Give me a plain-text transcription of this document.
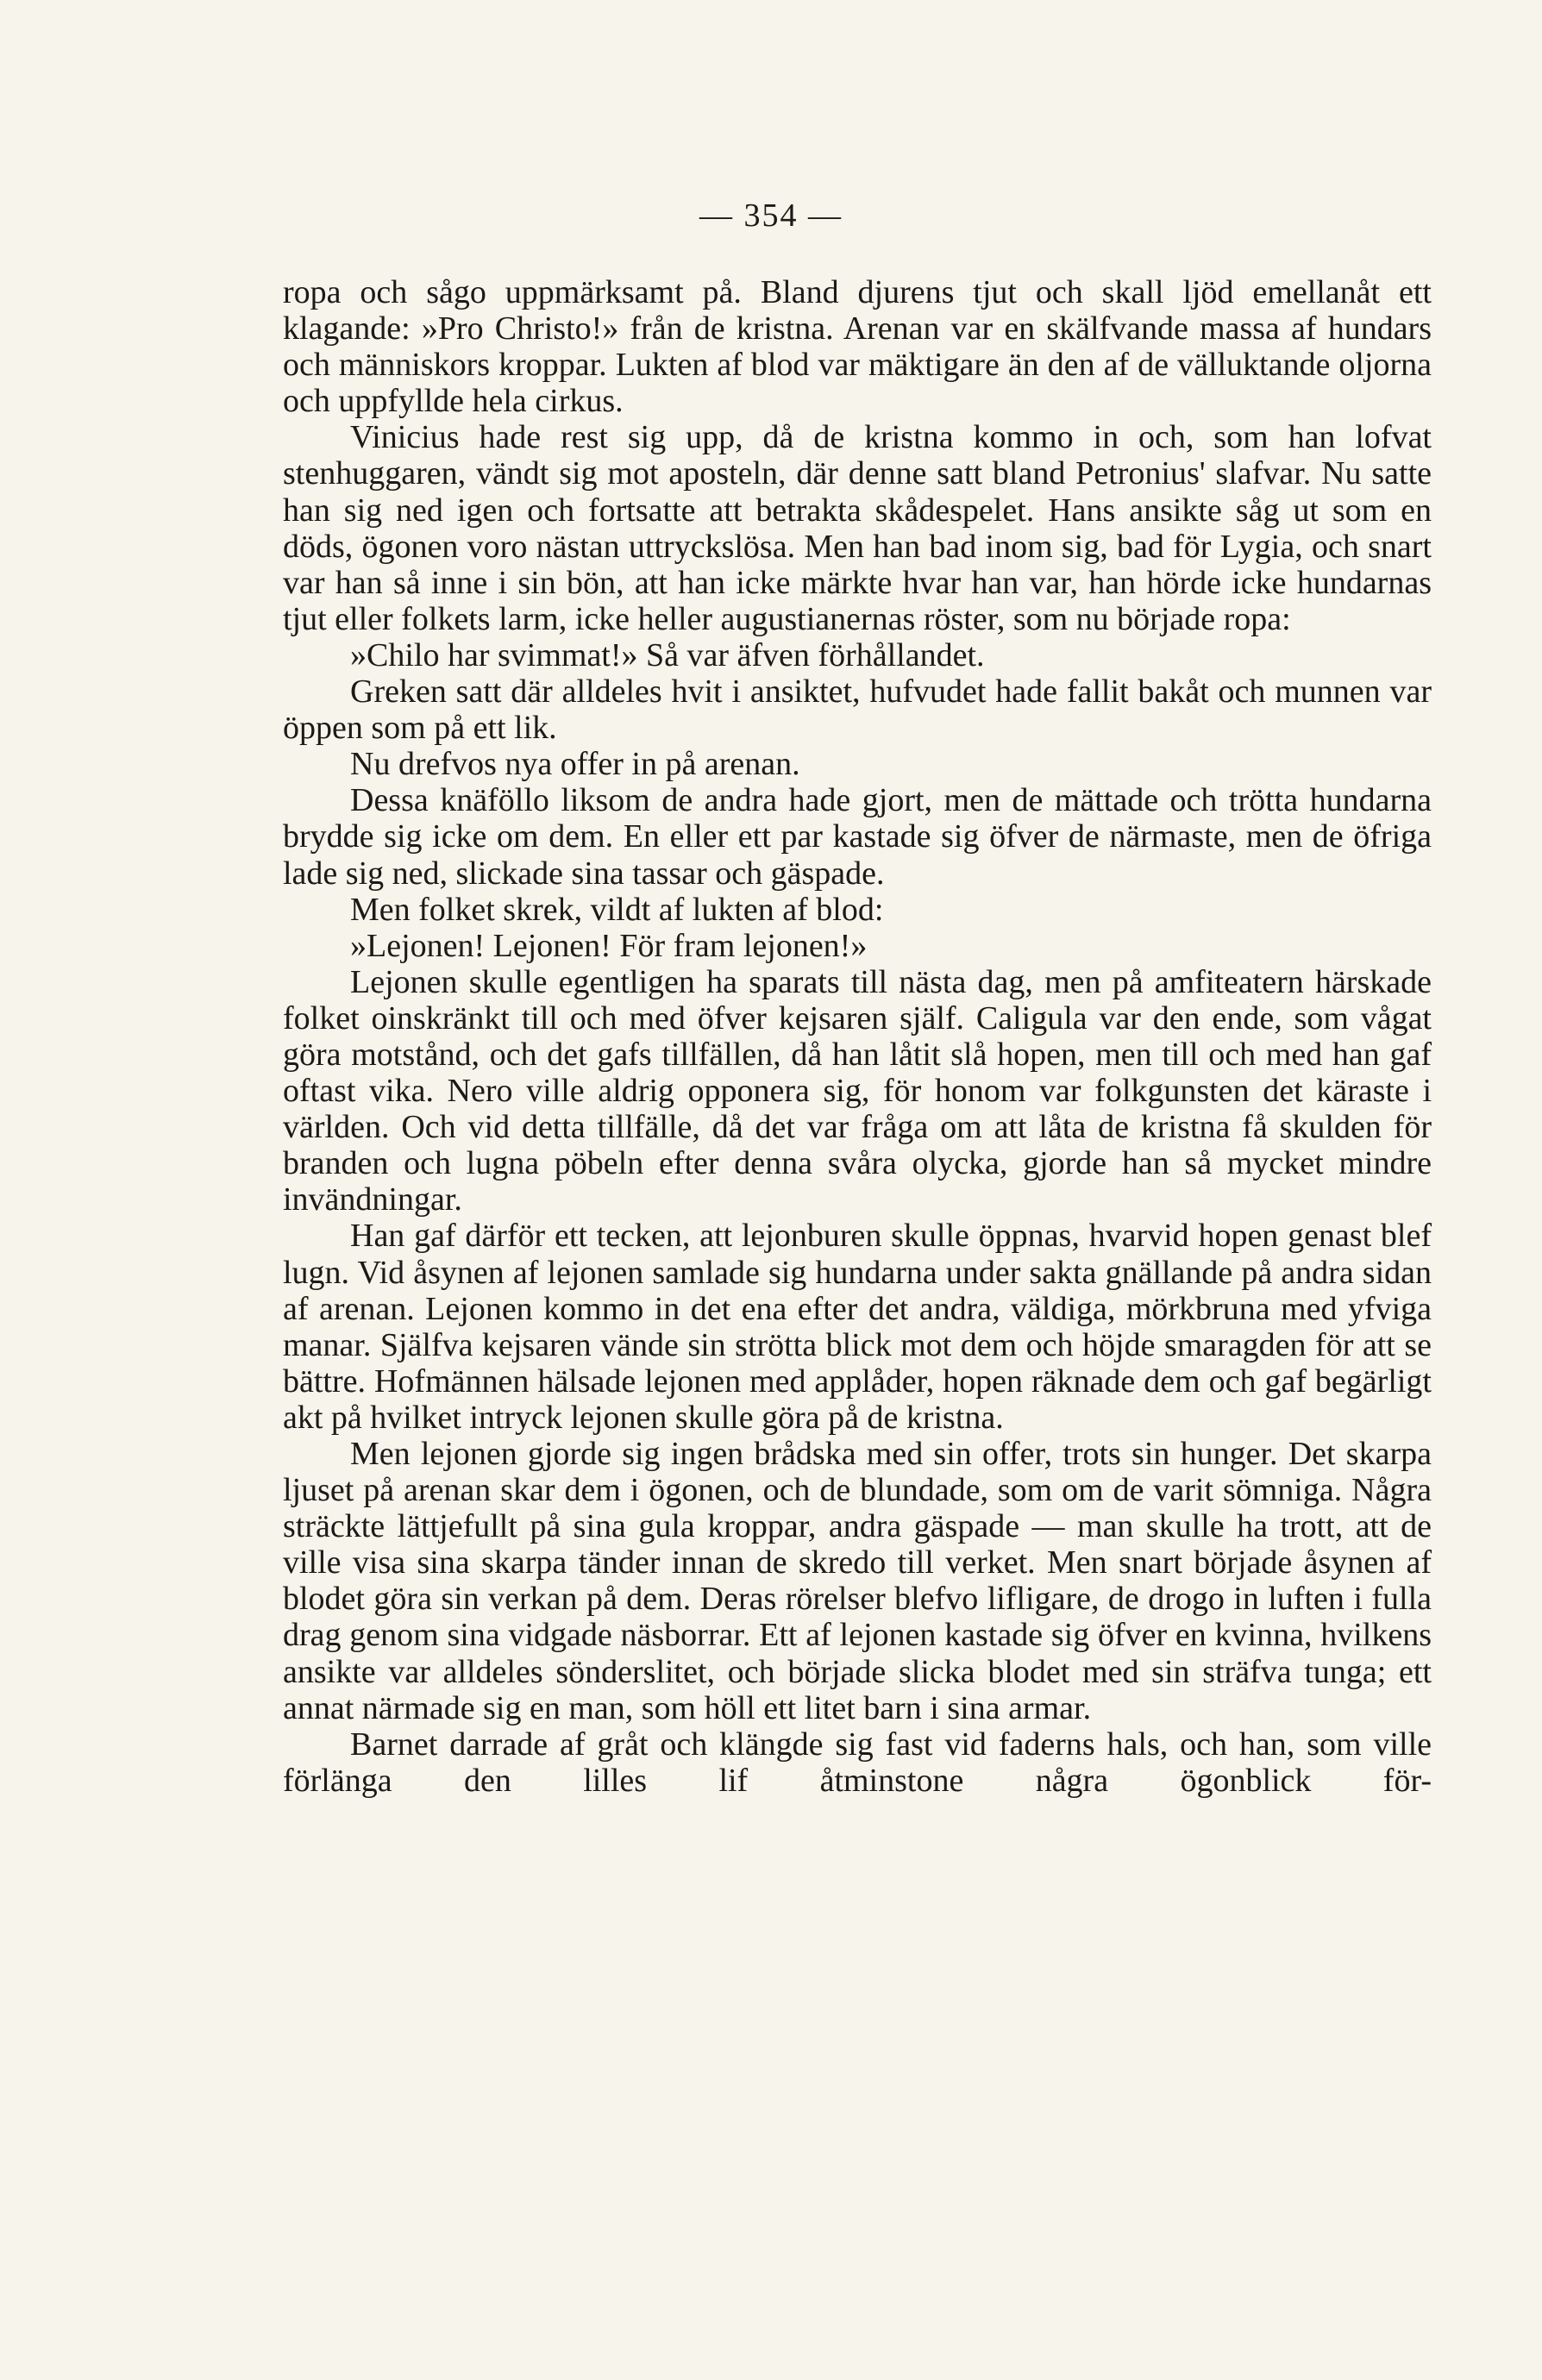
— 354 —

ropa och sågo uppmärksamt på. Bland djurens tjut och skall ljöd emellanåt ett klagande: »Pro Christo!» från de kristna. Arenan var en skälfvande massa af hundars och människors kroppar. Lukten af blod var mäktigare än den af de välluktande oljorna och uppfyllde hela cirkus.

Vinicius hade rest sig upp, då de kristna kommo in och, som han lofvat stenhuggaren, vändt sig mot aposteln, där denne satt bland Petronius' slafvar. Nu satte han sig ned igen och fortsatte att betrakta skådespelet. Hans ansikte såg ut som en döds, ögonen voro nästan uttryckslösa. Men han bad inom sig, bad för Lygia, och snart var han så inne i sin bön, att han icke märkte hvar han var, han hörde icke hundarnas tjut eller folkets larm, icke heller augustianernas röster, som nu började ropa:

»Chilo har svimmat!» Så var äfven förhållandet.

Greken satt där alldeles hvit i ansiktet, hufvudet hade fallit bakåt och munnen var öppen som på ett lik.

Nu drefvos nya offer in på arenan.

Dessa knäföllo liksom de andra hade gjort, men de mättade och trötta hundarna brydde sig icke om dem. En eller ett par kastade sig öfver de närmaste, men de öfriga lade sig ned, slickade sina tassar och gäspade.

Men folket skrek, vildt af lukten af blod:

»Lejonen! Lejonen! För fram lejonen!»

Lejonen skulle egentligen ha sparats till nästa dag, men på amfiteatern härskade folket oinskränkt till och med öfver kejsaren själf. Caligula var den ende, som vågat göra motstånd, och det gafs tillfällen, då han låtit slå hopen, men till och med han gaf oftast vika. Nero ville aldrig opponera sig, för honom var folkgunsten det käraste i världen. Och vid detta tillfälle, då det var fråga om att låta de kristna få skulden för branden och lugna pöbeln efter denna svåra olycka, gjorde han så mycket mindre invändningar.

Han gaf därför ett tecken, att lejonburen skulle öppnas, hvarvid hopen genast blef lugn. Vid åsynen af lejonen samlade sig hundarna under sakta gnällande på andra sidan af arenan. Lejonen kommo in det ena efter det andra, väldiga, mörkbruna med yfviga manar. Själfva kejsaren vände sin strötta blick mot dem och höjde smaragden för att se bättre. Hofmännen hälsade lejonen med applåder, hopen räknade dem och gaf begärligt akt på hvilket intryck lejonen skulle göra på de kristna.

Men lejonen gjorde sig ingen brådska med sin offer, trots sin hunger. Det skarpa ljuset på arenan skar dem i ögonen, och de blundade, som om de varit sömniga. Några sträckte lättjefullt på sina gula kroppar, andra gäspade — man skulle ha trott, att de ville visa sina skarpa tänder innan de skredo till verket. Men snart började åsynen af blodet göra sin verkan på dem. Deras rörelser blefvo lifligare, de drogo in luften i fulla drag genom sina vidgade näsborrar. Ett af lejonen kastade sig öfver en kvinna, hvilkens ansikte var alldeles sönderslitet, och började slicka blodet med sin sträfva tunga; ett annat närmade sig en man, som höll ett litet barn i sina armar.

Barnet darrade af gråt och klängde sig fast vid faderns hals, och han, som ville förlänga den lilles lif åtminstone några ögonblick för-
